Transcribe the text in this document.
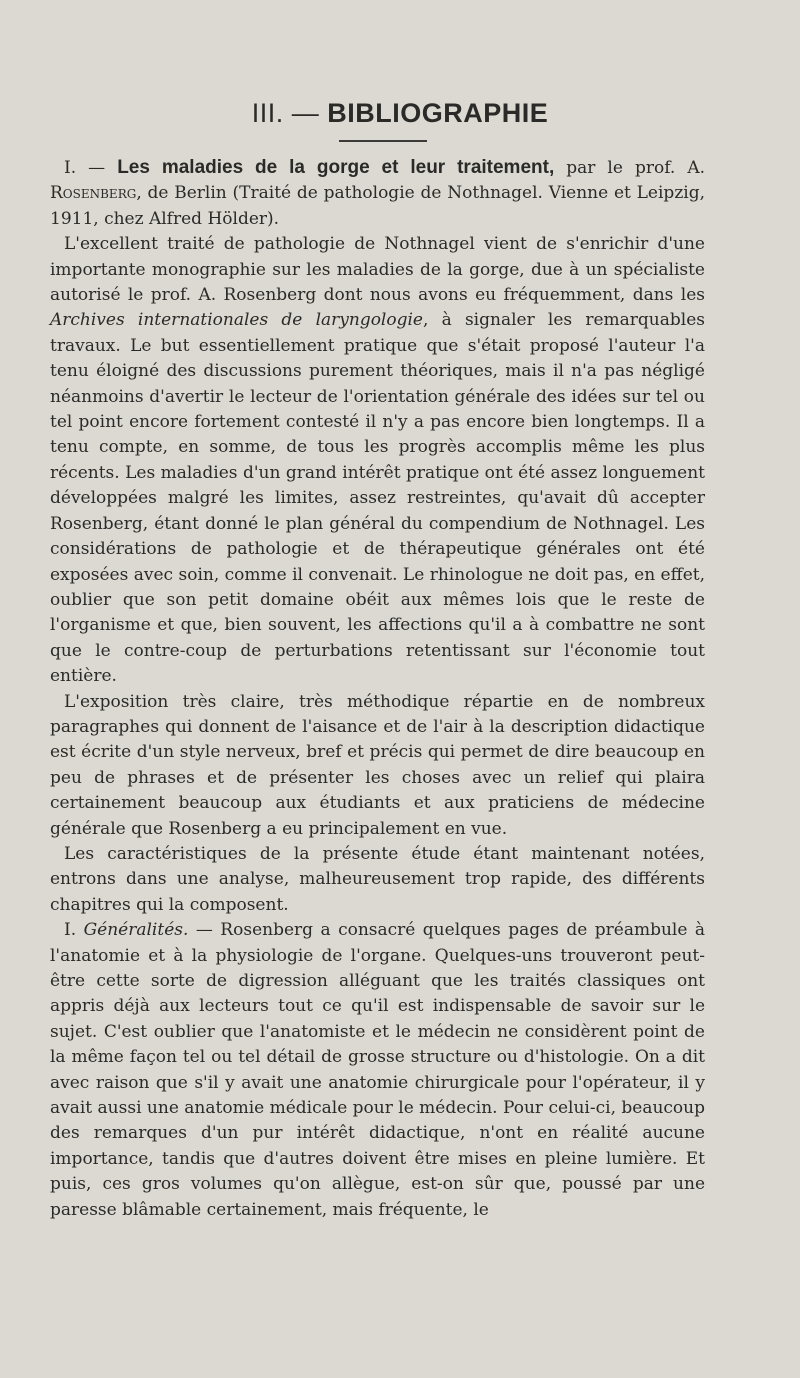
III. — BIBLIOGRAPHIE

I. — Les maladies de la gorge et leur traitement, par le prof. A. Rosenberg, de Berlin (Traité de pathologie de Nothnagel. Vienne et Leipzig, 1911, chez Alfred Hölder).

L'excellent traité de pathologie de Nothnagel vient de s'enrichir d'une importante monographie sur les maladies de la gorge, due à un spécialiste autorisé le prof. A. Rosenberg dont nous avons eu fréquemment, dans les Archives internationales de laryngologie, à signaler les remarquables travaux. Le but essentiellement pratique que s'était proposé l'auteur l'a tenu éloigné des discussions purement théoriques, mais il n'a pas négligé néanmoins d'avertir le lecteur de l'orientation générale des idées sur tel ou tel point encore fortement contesté il n'y a pas encore bien longtemps. Il a tenu compte, en somme, de tous les progrès accomplis même les plus récents. Les maladies d'un grand intérêt pratique ont été assez longuement développées malgré les limites, assez restreintes, qu'avait dû accepter Rosenberg, étant donné le plan général du compendium de Nothnagel. Les considérations de pathologie et de thérapeutique générales ont été exposées avec soin, comme il convenait. Le rhinologue ne doit pas, en effet, oublier que son petit domaine obéit aux mêmes lois que le reste de l'organisme et que, bien souvent, les affections qu'il a à combattre ne sont que le contre-coup de perturbations retentissant sur l'économie tout entière.

L'exposition très claire, très méthodique répartie en de nombreux paragraphes qui donnent de l'aisance et de l'air à la description didactique est écrite d'un style nerveux, bref et précis qui permet de dire beaucoup en peu de phrases et de présenter les choses avec un relief qui plaira certainement beaucoup aux étudiants et aux praticiens de médecine générale que Rosenberg a eu principalement en vue.

Les caractéristiques de la présente étude étant maintenant notées, entrons dans une analyse, malheureusement trop rapide, des différents chapitres qui la composent.

I. Généralités. — Rosenberg a consacré quelques pages de préambule à l'anatomie et à la physiologie de l'organe. Quelques-uns trouveront peut-être cette sorte de digression alléguant que les traités classiques ont appris déjà aux lecteurs tout ce qu'il est indispensable de savoir sur le sujet. C'est oublier que l'anatomiste et le médecin ne considèrent point de la même façon tel ou tel détail de grosse structure ou d'histologie. On a dit avec raison que s'il y avait une anatomie chirurgicale pour l'opérateur, il y avait aussi une anatomie médicale pour le médecin. Pour celui-ci, beaucoup des remarques d'un pur intérêt didactique, n'ont en réalité aucune importance, tandis que d'autres doivent être mises en pleine lumière. Et puis, ces gros volumes qu'on allègue, est-on sûr que, poussé par une paresse blâmable certainement, mais fréquente, le
